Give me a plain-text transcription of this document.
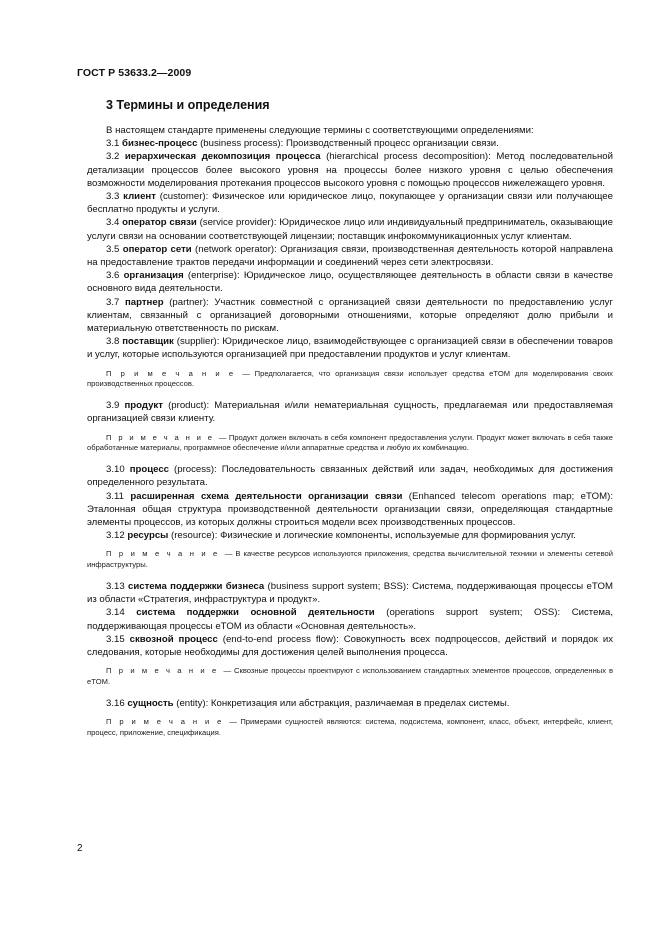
ГОСТ Р 53633.2—2009
3 Термины и определения

В настоящем стандарте применены следующие термины с соответствующими определениями:

3.1 бизнес-процесс (business process): Производственный процесс организации связи.

3.2 иерархическая декомпозиция процесса (hierarchical process decomposition): Метод последовательной детализации процессов более высокого уровня на процессы более низкого уровня с целью обеспечения возможности моделирования протекания процессов высокого уровня с помощью процессов нижележащего уровня.

3.3 клиент (customer): Физическое или юридическое лицо, покупающее у организации связи или получающее бесплатно продукты и услуги.

3.4 оператор связи (service provider): Юридическое лицо или индивидуальный предприниматель, оказывающие услуги связи на основании соответствующей лицензии; поставщик инфокоммуникационных услуг клиентам.

3.5 оператор сети (network operator): Организация связи, производственная деятельность которой направлена на предоставление трактов передачи информации и соединений через сети электросвязи.

3.6 организация (enterprise): Юридическое лицо, осуществляющее деятельность в области связи в качестве основного вида деятельности.

3.7 партнер (partner): Участник совместной с организацией связи деятельности по предоставлению услуг клиентам, связанный с организацией договорными отношениями, которые определяют долю прибыли и материальную ответственность по рискам.

3.8 поставщик (supplier): Юридическое лицо, взаимодействующее с организацией связи в обеспечении товаров и услуг, которые используются организацией при предоставлении продуктов и услуг клиентам.

П р и м е ч а н и е — Предполагается, что организация связи использует средства eTOM для моделирования своих производственных процессов.

3.9 продукт (product): Материальная и/или нематериальная сущность, предлагаемая или предоставляемая организацией связи клиенту.

П р и м е ч а н и е — Продукт должен включать в себя компонент предоставления услуги. Продукт может включать в себя также обработанные материалы, программное обеспечение и/или аппаратные средства и любую их комбинацию.

3.10 процесс (process): Последовательность связанных действий или задач, необходимых для достижения определенного результата.

3.11 расширенная схема деятельности организации связи (Enhanced telecom operations map; eTOM): Эталонная общая структура производственной деятельности организации связи, определяющая стандартные элементы процессов, из которых должны строиться модели всех производственных процессов.

3.12 ресурсы (resource): Физические и логические компоненты, используемые для формирования услуг.

П р и м е ч а н и е — В качестве ресурсов используются приложения, средства вычислительной техники и элементы сетевой инфраструктуры.

3.13 система поддержки бизнеса (business support system; BSS): Система, поддерживающая процессы eTOM из области «Стратегия, инфраструктура и продукт».

3.14 система поддержки основной деятельности (operations support system; OSS): Система, поддерживающая процессы eTOM из области «Основная деятельность».

3.15 сквозной процесс (end-to-end process flow): Совокупность всех подпроцессов, действий и порядок их следования, которые необходимы для достижения целей выполнения процесса.

П р и м е ч а н и е — Сквозные процессы проектируют с использованием стандартных элементов процессов, определенных в eTOM.

3.16 сущность (entity): Конкретизация или абстракция, различаемая в пределах системы.

П р и м е ч а н и е — Примерами сущностей являются: система, подсистема, компонент, класс, объект, интерфейс, клиент, процесс, приложение, спецификация.

2
